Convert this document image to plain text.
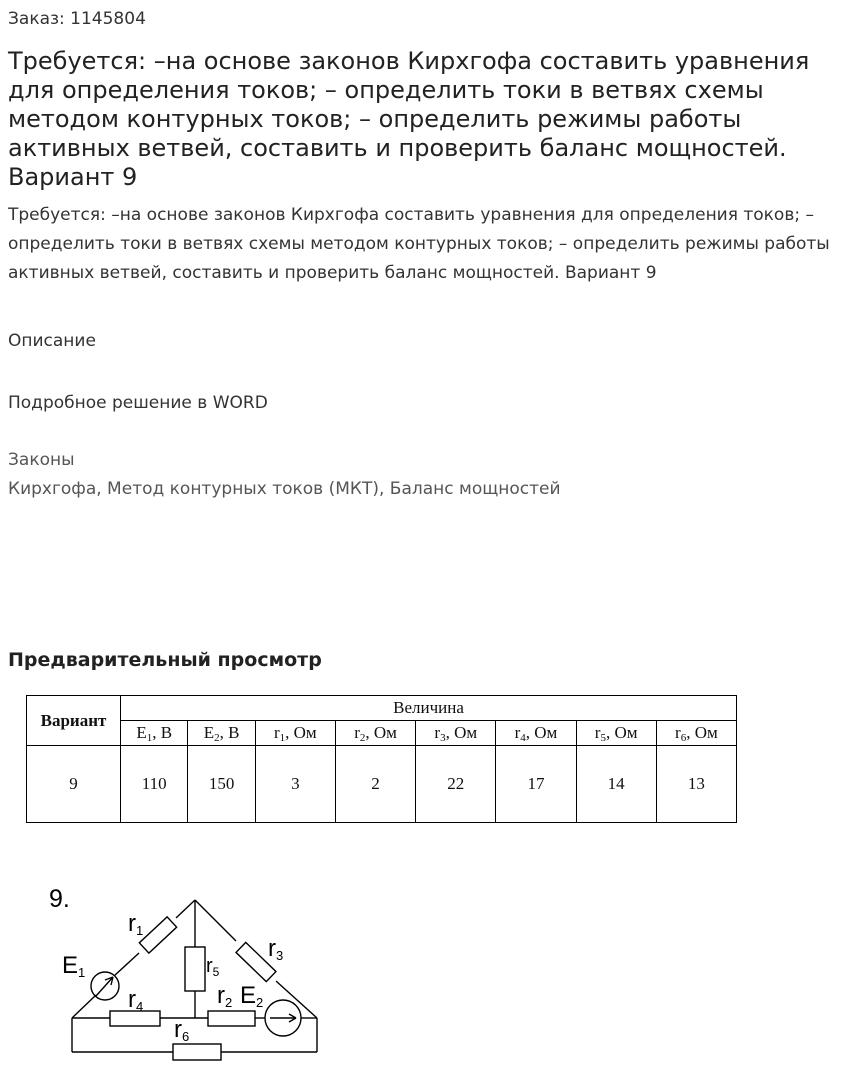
Заказ: 1145804
Требуется: –на основе законов Кирхгофа составить уравнения для определения токов; – определить токи в ветвях схемы методом контурных токов; – определить режимы работы активных ветвей, составить и проверить баланс мощностей. Вариант 9
Требуется: –на основе законов Кирхгофа составить уравнения для определения токов; – определить токи в ветвях схемы методом контурных токов; – определить режимы работы активных ветвей, составить и проверить баланс мощностей. Вариант 9
Описание
Подробное решение в WORD
Законы
Кирхгофа, Метод контурных токов (МКТ), Баланс мощностей
Предварительный просмотр
Вариант	Величина							
	$E_1$, В	$E_2$, В	$r_1$, Ом	$r_2$, Ом	$r_3$, Ом	$r_4$, Ом	$r_5$, Ом	$r_6$, Ом
9	110	150	3	2	22	17	14	13
9.
r1
E1	$r_5$
r3
r4	r2 E2
r6
